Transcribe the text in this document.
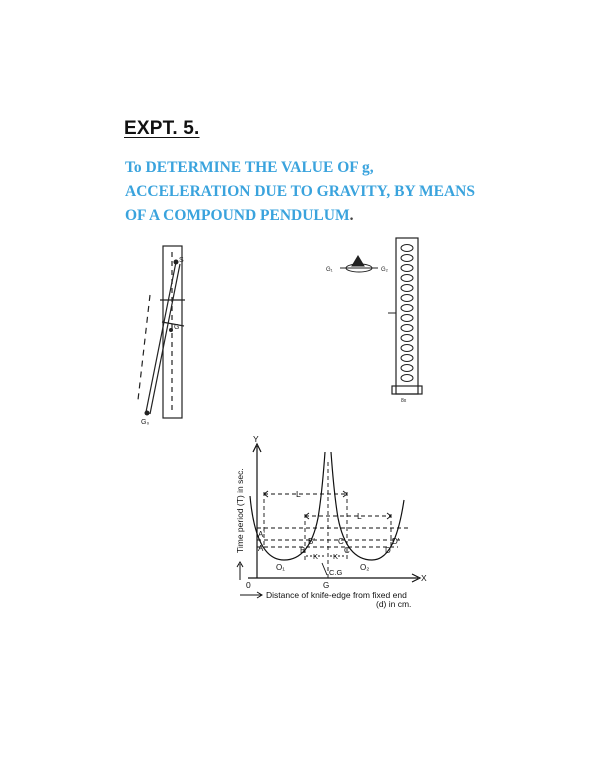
EXPT. 5.
To DETERMINE THE VALUE OF g,
ACCELERATION DUE TO GRAVITY, BY MEANS
OF A COMPOUND PENDULUM.
S
G
G₀
G₁	G₂
8x
Y
X
0
L
L
K K
A'
A	B
B'	C'
C
D'
D
O₁	O₂
G
C.G
Time period (T) in sec.
Distance of knife-edge from fixed end
(d) in cm.
